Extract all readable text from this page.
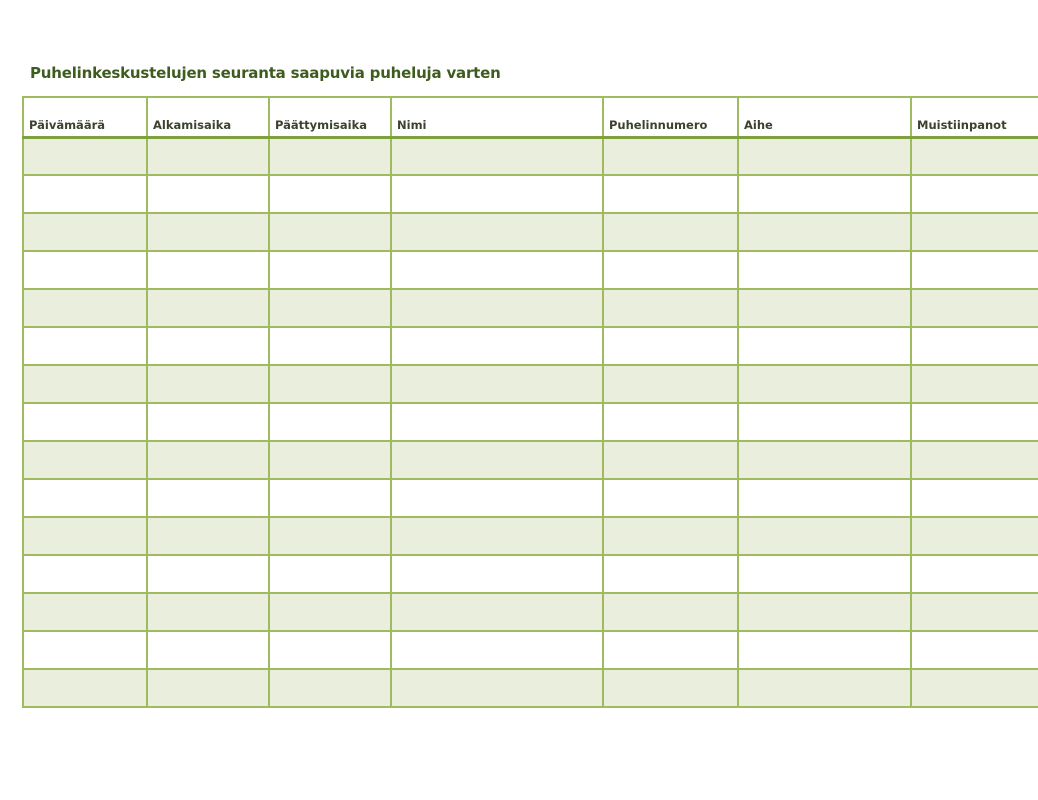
Puhelinkeskustelujen seuranta saapuvia puheluja varten
Päivämäärä	Alkamisaika	Päättymisaika	Nimi	Puhelinnumero	Aihe	Muistiinpanot
